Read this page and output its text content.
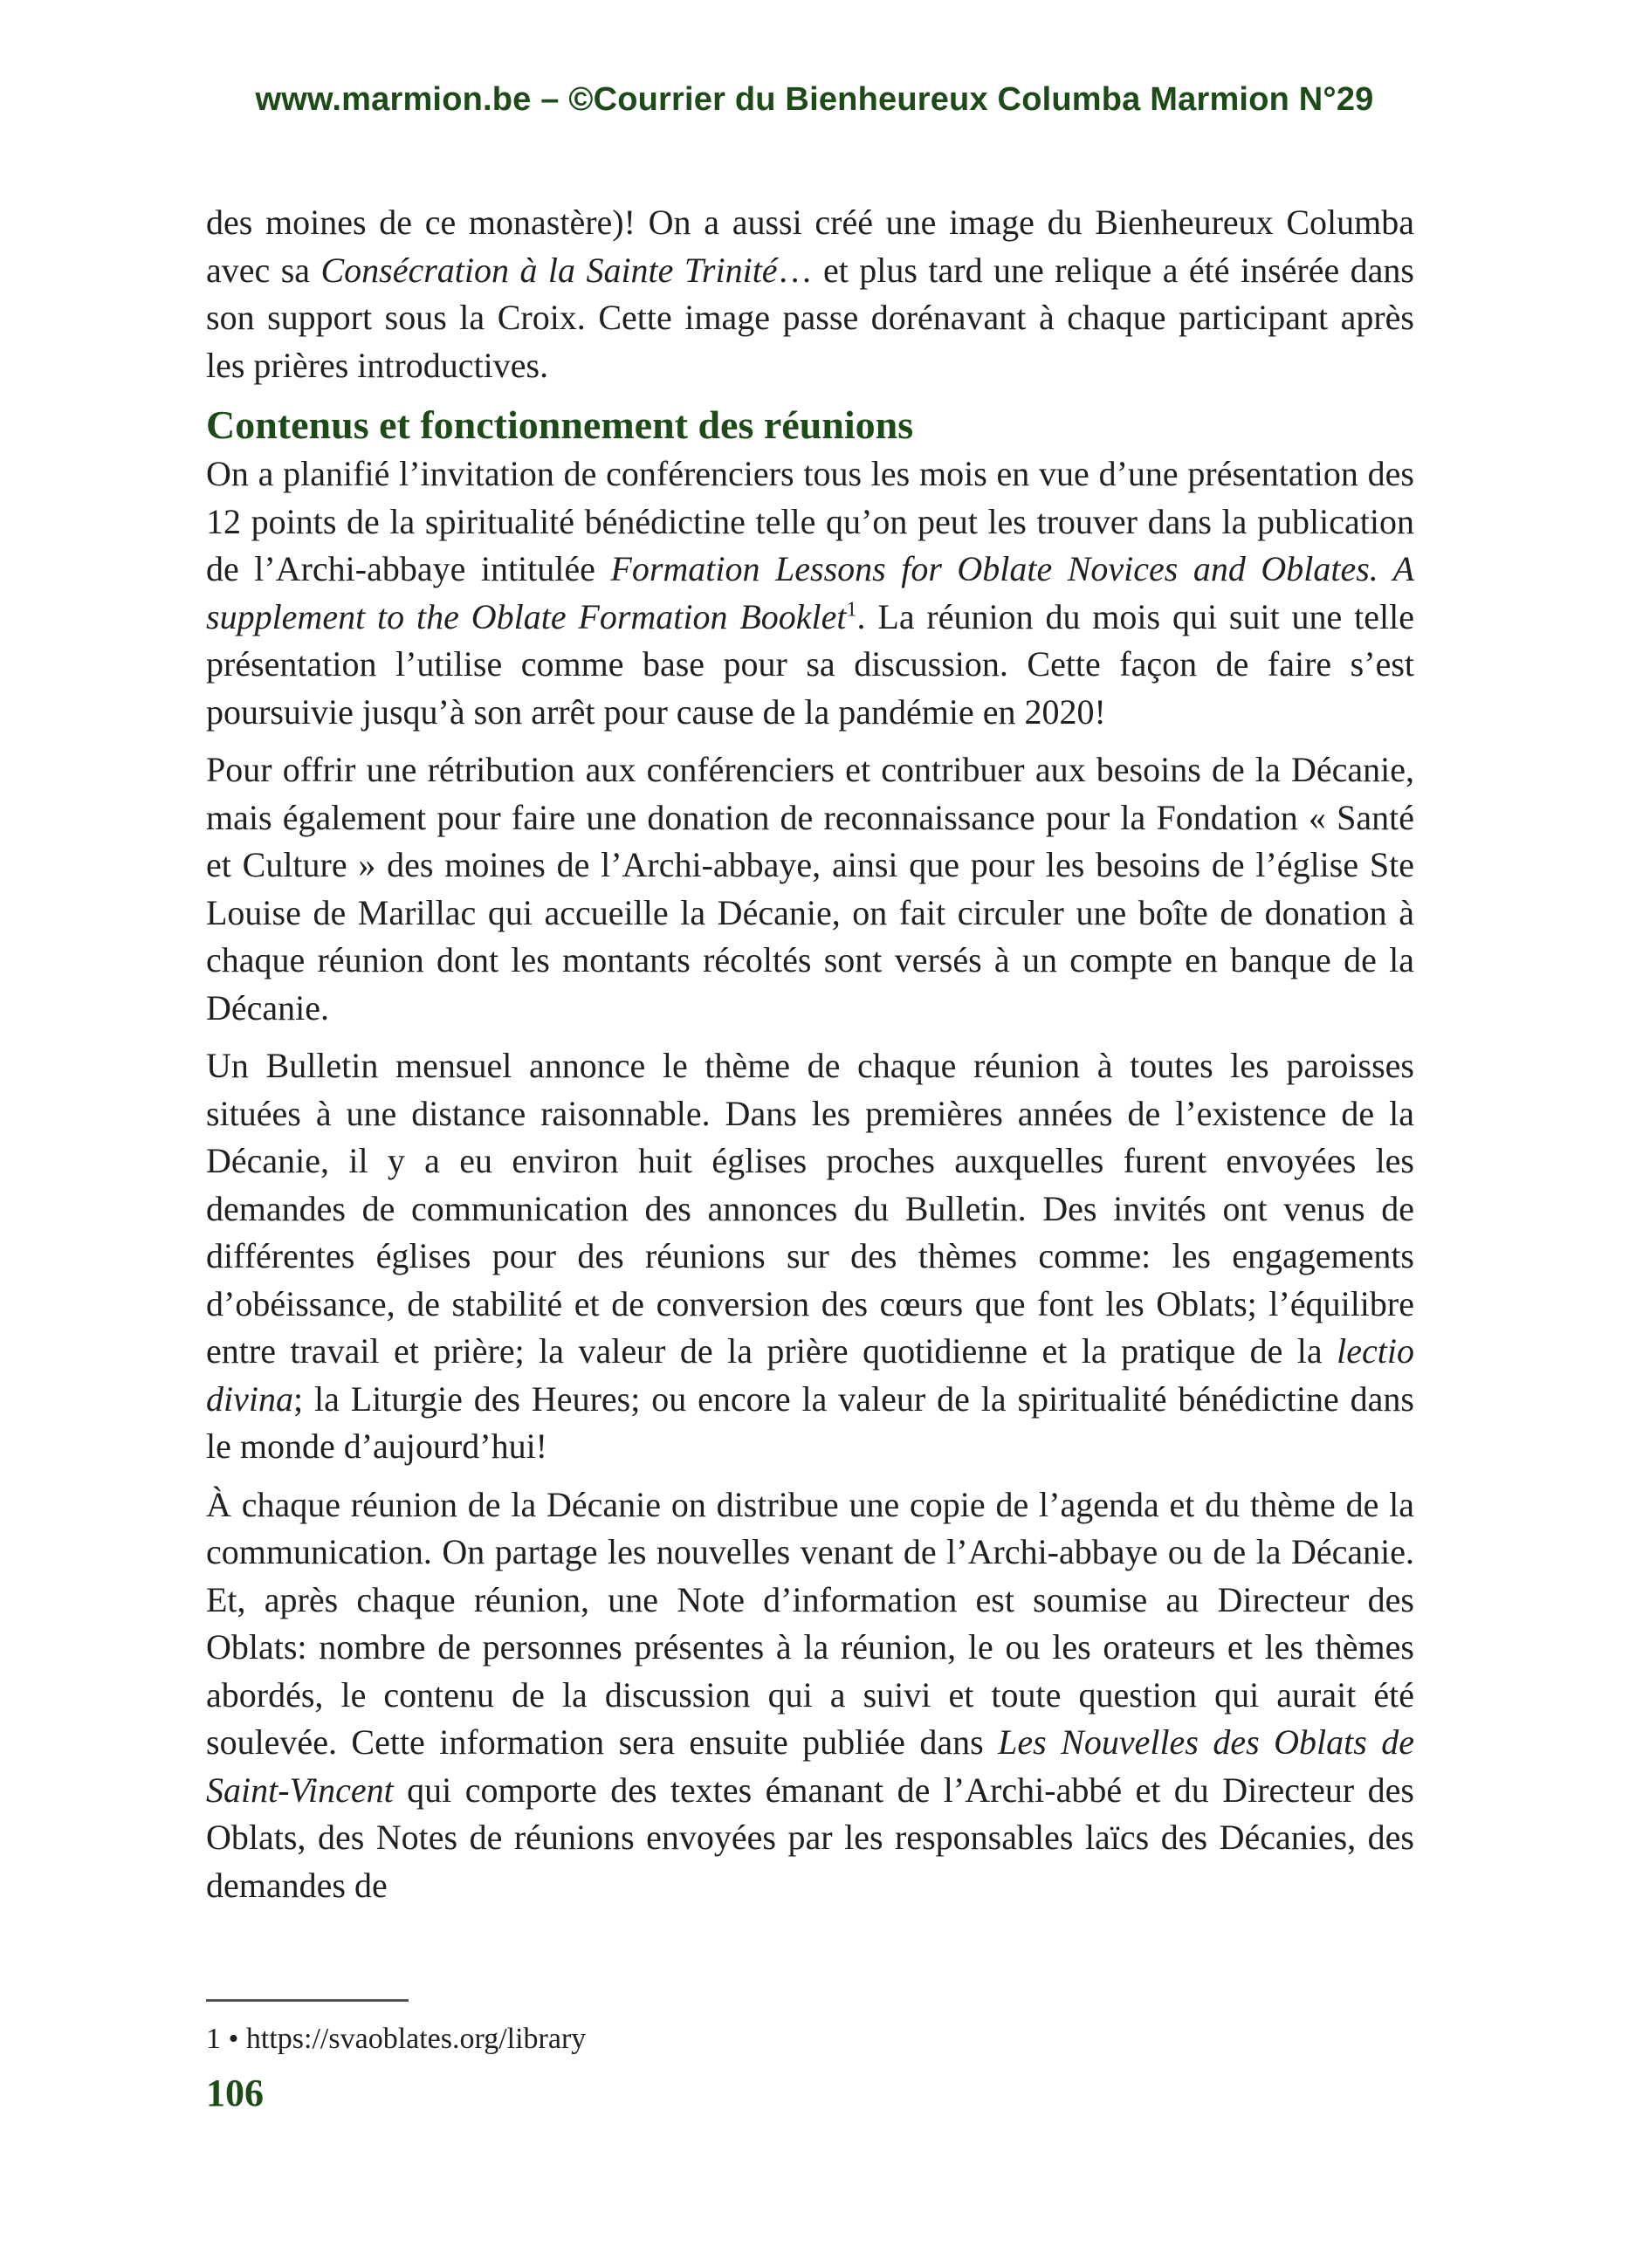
www.marmion.be – ©Courrier du Bienheureux Columba Marmion N°29

des moines de ce monastère)! On a aussi créé une image du Bienheureux Columba avec sa Consécration à la Sainte Trinité… et plus tard une relique a été insérée dans son support sous la Croix. Cette image passe dorénavant à chaque participant après les prières introductives.

Contenus et fonctionnement des réunions

On a planifié l’invitation de conférenciers tous les mois en vue d’une présentation des 12 points de la spiritualité bénédictine telle qu’on peut les trouver dans la publication de l’Archi-abbaye intitulée Formation Lessons for Oblate Novices and Oblates. A supplement to the Oblate Formation Booklet$^1$. La réunion du mois qui suit une telle présentation l’utilise comme base pour sa discussion. Cette façon de faire s’est poursuivie jusqu’à son arrêt pour cause de la pandémie en 2020!

Pour offrir une rétribution aux conférenciers et contribuer aux besoins de la Décanie, mais également pour faire une donation de reconnaissance pour la Fondation « Santé et Culture » des moines de l’Archi-abbaye, ainsi que pour les besoins de l’église Ste Louise de Marillac qui accueille la Décanie, on fait circuler une boîte de donation à chaque réunion dont les montants récoltés sont versés à un compte en banque de la Décanie.

Un Bulletin mensuel annonce le thème de chaque réunion à toutes les paroisses situées à une distance raisonnable. Dans les premières années de l’existence de la Décanie, il y a eu environ huit églises proches auxquelles furent envoyées les demandes de communication des annonces du Bulletin. Des invités ont venus de différentes églises pour des réunions sur des thèmes comme: les engagements d’obéissance, de stabilité et de conversion des cœurs que font les Oblats; l’équilibre entre travail et prière; la valeur de la prière quotidienne et la pratique de la lectio divina; la Liturgie des Heures; ou encore la valeur de la spiritualité bénédictine dans le monde d’aujourd’hui!

À chaque réunion de la Décanie on distribue une copie de l’agenda et du thème de la communication. On partage les nouvelles venant de l’Archi-abbaye ou de la Décanie. Et, après chaque réunion, une Note d’information est soumise au Directeur des Oblats: nombre de personnes présentes à la réunion, le ou les orateurs et les thèmes abordés, le contenu de la discussion qui a suivi et toute question qui aurait été soulevée. Cette information sera ensuite publiée dans Les Nouvelles des Oblats de Saint-Vincent qui comporte des textes émanant de l’Archi-abbé et du Directeur des Oblats, des Notes de réunions envoyées par les responsables laïcs des Décanies, des demandes de

1 • https://svaoblates.org/library
106
